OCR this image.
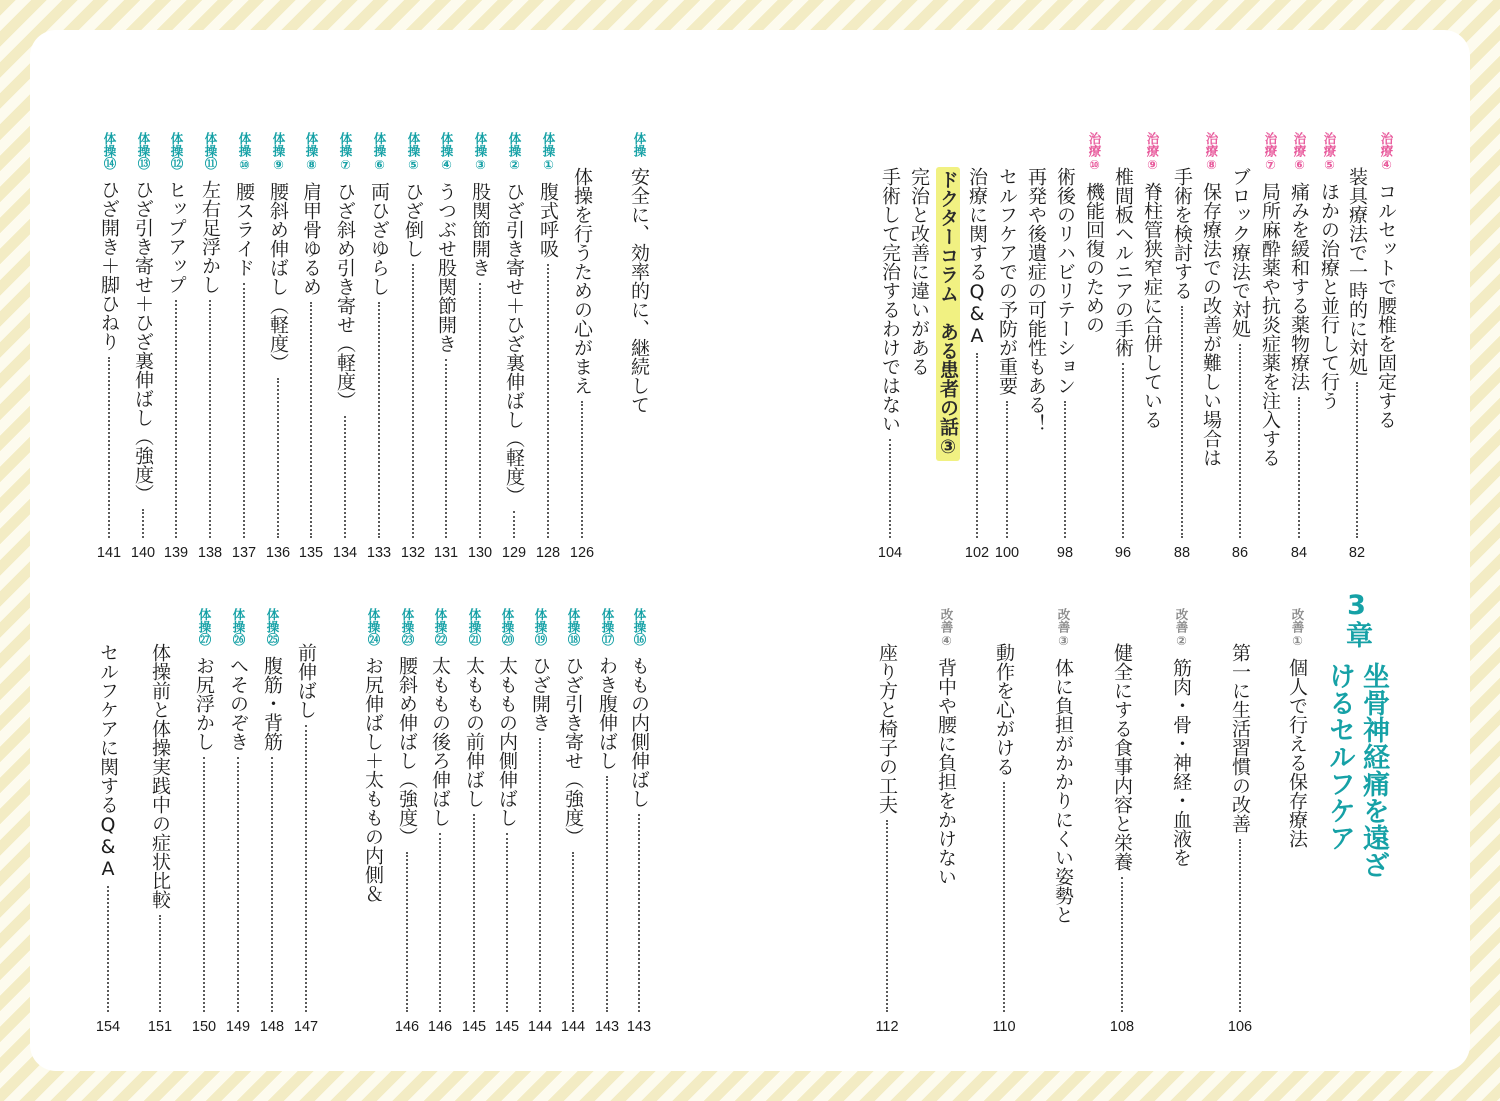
3章
坐骨神経痛を遠ざけるセルフケア
治療④
コルセットで腰椎を固定する
装具療法で一時的に対処
82
治療⑤
ほかの治療と並行して行う
治療⑥
痛みを緩和する薬物療法
84
治療⑦
局所麻酔薬や抗炎症薬を注入する
ブロック療法で対処
86
治療⑧
保存療法での改善が難しい場合は
手術を検討する
88
治療⑨
脊柱管狭窄症に合併している
椎間板ヘルニアの手術
96
治療⑩
機能回復のための
術後のリハビリテーション
98
再発や後遺症の可能性もある！
セルフケアでの予防が重要
100
治療に関するQ&A
102
ドクターコラム　ある患者の話③
完治と改善に違いがある
手術して完治するわけではない
104
改善①
個人で行える保存療法
第一に生活習慣の改善
106
改善②
筋肉・骨・神経・血液を
健全にする食事内容と栄養
108
改善③
体に負担がかかりにくい姿勢と
動作を心がける
110
改善④
背中や腰に負担をかけない
座り方と椅子の工夫
112
体操
安全に、効率的に、継続して
体操を行うための心がまえ
126
体操①
腹式呼吸
128
体操②
ひざ引き寄せ＋ひざ裏伸ばし（軽度）
129
体操③
股関節開き
130
体操④
うつぶせ股関節開き
131
体操⑤
ひざ倒し
132
体操⑥
両ひざゆらし
133
体操⑦
ひざ斜め引き寄せ（軽度）
134
体操⑧
肩甲骨ゆるめ
135
体操⑨
腰斜め伸ばし（軽度）
136
体操⑩
腰スライド
137
体操⑪
左右足浮かし
138
体操⑫
ヒップアップ
139
体操⑬
ひざ引き寄せ＋ひざ裏伸ばし（強度）
140
体操⑭
ひざ開き＋脚ひねり
141
体操⑯
ももの内側伸ばし
143
体操⑰
わき腹伸ばし
143
体操⑱
ひざ引き寄せ（強度）
144
体操⑲
ひざ開き
144
体操⑳
太ももの内側伸ばし
145
体操㉑
太ももの前伸ばし
145
体操㉒
太ももの後ろ伸ばし
146
体操㉓
腰斜め伸ばし（強度）
146
体操㉔
お尻伸ばし＋太ももの内側＆
前伸ばし
147
体操㉕
腹筋・背筋
148
体操㉖
へそのぞき
149
体操㉗
お尻浮かし
150
体操前と体操実践中の症状比較
151
セルフケアに関するQ&A
154
